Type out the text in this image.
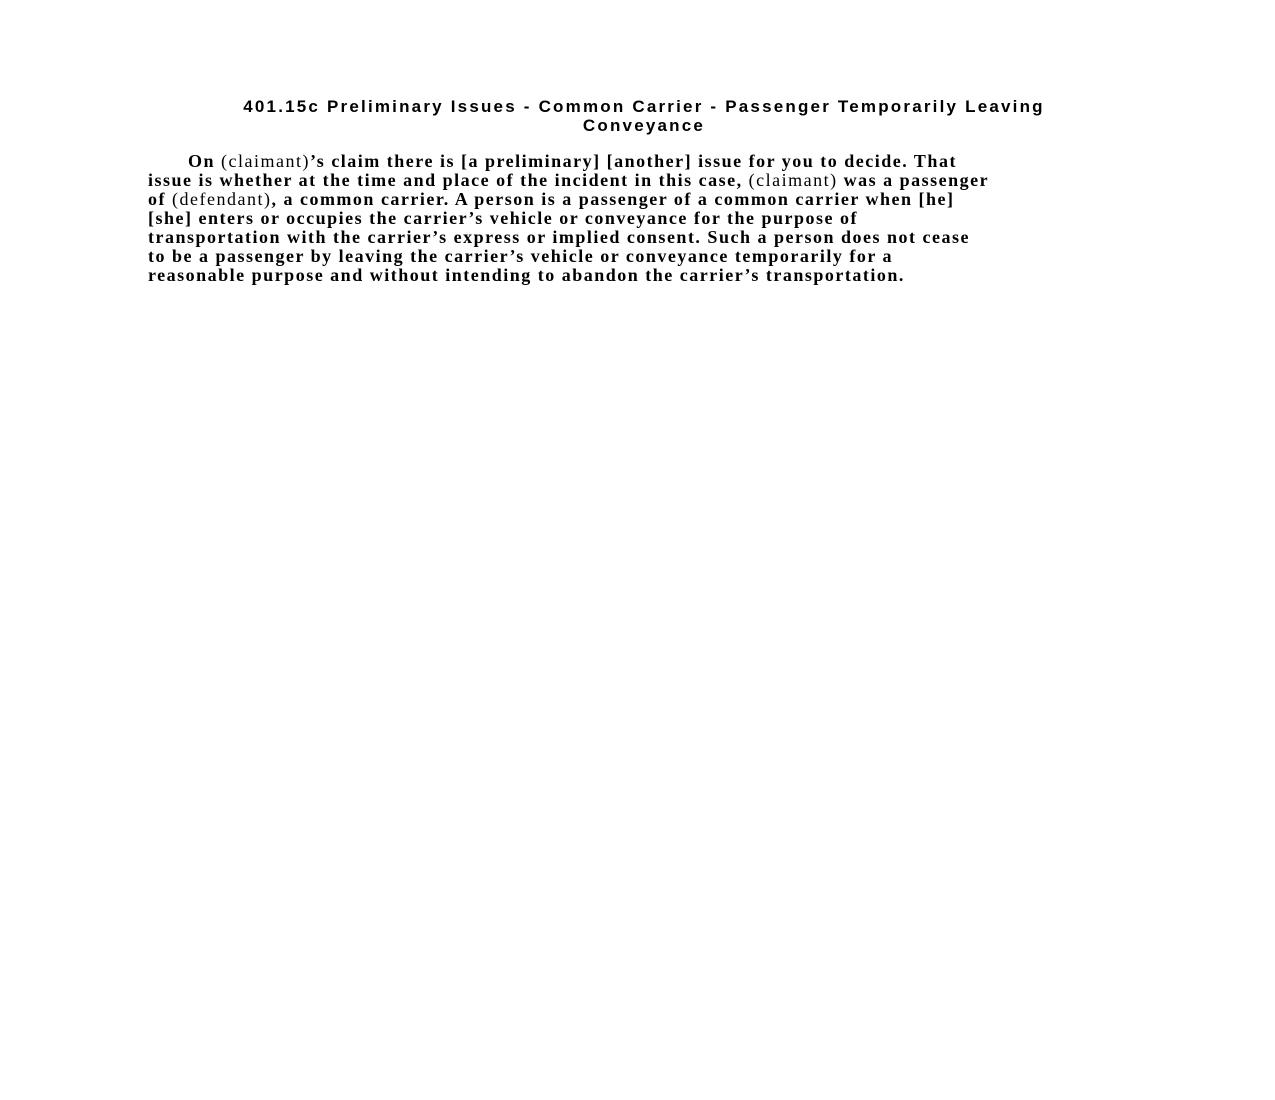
401.15c Preliminary Issues - Common Carrier - Passenger Temporarily Leaving
Conveyance

On (claimant)’s claim there is [a preliminary] [another] issue for you to decide. That
issue is whether at the time and place of the incident in this case, (claimant) was a passenger
of (defendant), a common carrier. A person is a passenger of a common carrier when [he]
[she] enters or occupies the carrier’s vehicle or conveyance for the purpose of
transportation with the carrier’s express or implied consent. Such a person does not cease
to be a passenger by leaving the carrier’s vehicle or conveyance temporarily for a
reasonable purpose and without intending to abandon the carrier’s transportation.
